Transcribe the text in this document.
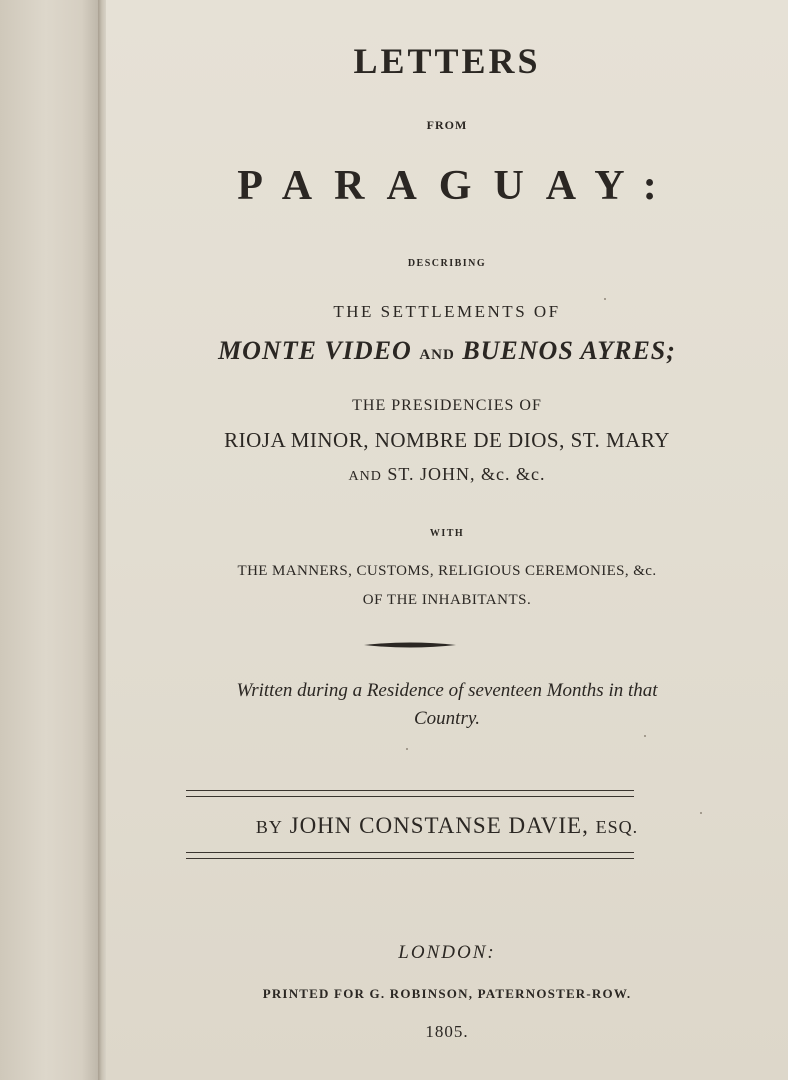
LETTERS
FROM
PARAGUAY:
DESCRIBING
THE SETTLEMENTS OF
MONTE VIDEO AND BUENOS AYRES;
THE PRESIDENCIES OF
RIOJA MINOR, NOMBRE DE DIOS, ST. MARY
AND ST. JOHN, &c. &c.
WITH
THE MANNERS, CUSTOMS, RELIGIOUS CEREMONIES, &c.
OF THE INHABITANTS.
Written during a Residence of seventeen Months in that
Country.
BY JOHN CONSTANSE DAVIE, ESQ.
LONDON:
PRINTED FOR G. ROBINSON, PATERNOSTER-ROW.
1805.
